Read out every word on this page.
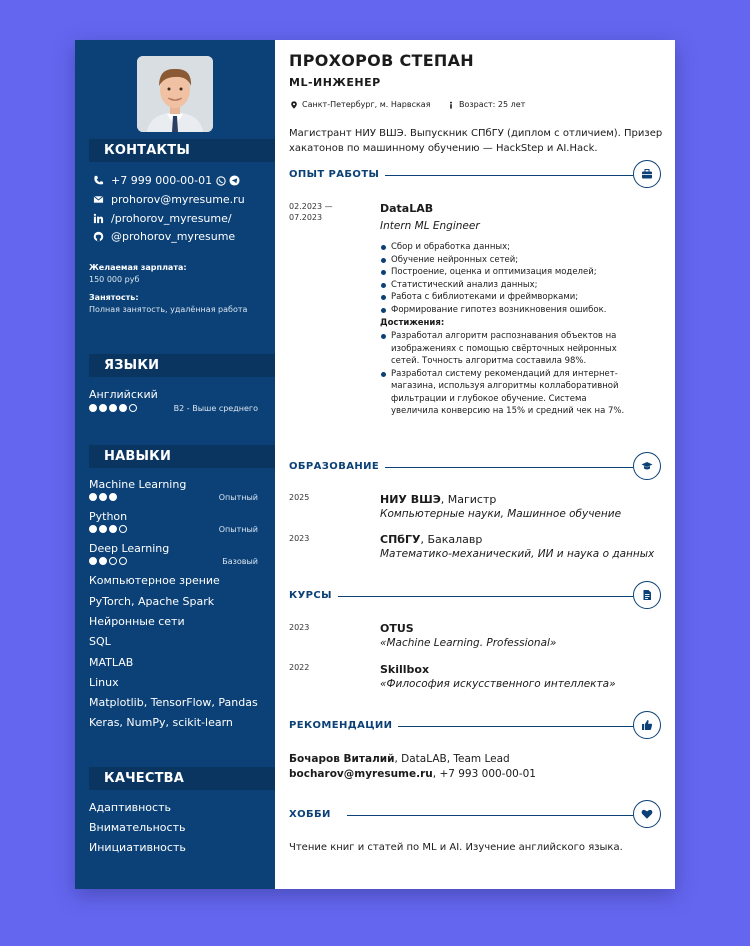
КОНТАКТЫ
+7 999 000-00-01
prohorov@myresume.ru
/prohorov_myresume/
@prohorov_myresume
Желаемая зарплата:
150 000 руб
Занятость:
Полная занятость, удалённая работа
ЯЗЫКИ
Английский
B2 - Выше среднего
НАВЫКИ
Machine Learning
Опытный
Python
Опытный
Deep Learning
Базовый
Компьютерное зрение
PyTorch, Apache Spark
Нейронные сети
SQL
MATLAB
Linux
Matplotlib, TensorFlow, Pandas
Keras, NumPy, scikit-learn
КАЧЕСТВА
Адаптивность
Внимательность
Инициативность
ПРОХОРОВ СТЕПАН
ML-ИНЖЕНЕР
Санкт-Петербург, м. Нарвская	Возраст: 25 лет
Магистрант НИУ ВШЭ. Выпускник СПбГУ (диплом с отличием). Призер хакатонов по машинному обучению — HackStep и AI.Hack.
ОПЫТ РАБОТЫ
02.2023 — 07.2023
DataLAB
Intern ML Engineer
Сбор и обработка данных;
Обучение нейронных сетей;
Построение, оценка и оптимизация моделей;
Статистический анализ данных;
Работа с библиотеками и фреймворками;
Формирование гипотез возникновения ошибок.
Достижения:
Разработал алгоритм распознавания объектов на изображениях с помощью свёрточных нейронных сетей. Точность алгоритма составила 98%.
Разработал систему рекомендаций для интернет-магазина, используя алгоритмы коллаборативной фильтрации и глубокое обучение. Система увеличила конверсию на 15% и средний чек на 7%.
ОБРАЗОВАНИЕ
2025	НИУ ВШЭ, Магистр
Компьютерные науки, Машинное обучение
2023	СПбГУ, Бакалавр
Математико-механический, ИИ и наука о данных
КУРСЫ
2023	OTUS
«Machine Learning. Professional»
2022	Skillbox
«Философия искусственного интеллекта»
РЕКОМЕНДАЦИИ
Бочаров Виталий, DataLAB, Team Lead
bocharov@myresume.ru, +7 993 000-00-01
ХОББИ
Чтение книг и статей по ML и AI. Изучение английского языка.
